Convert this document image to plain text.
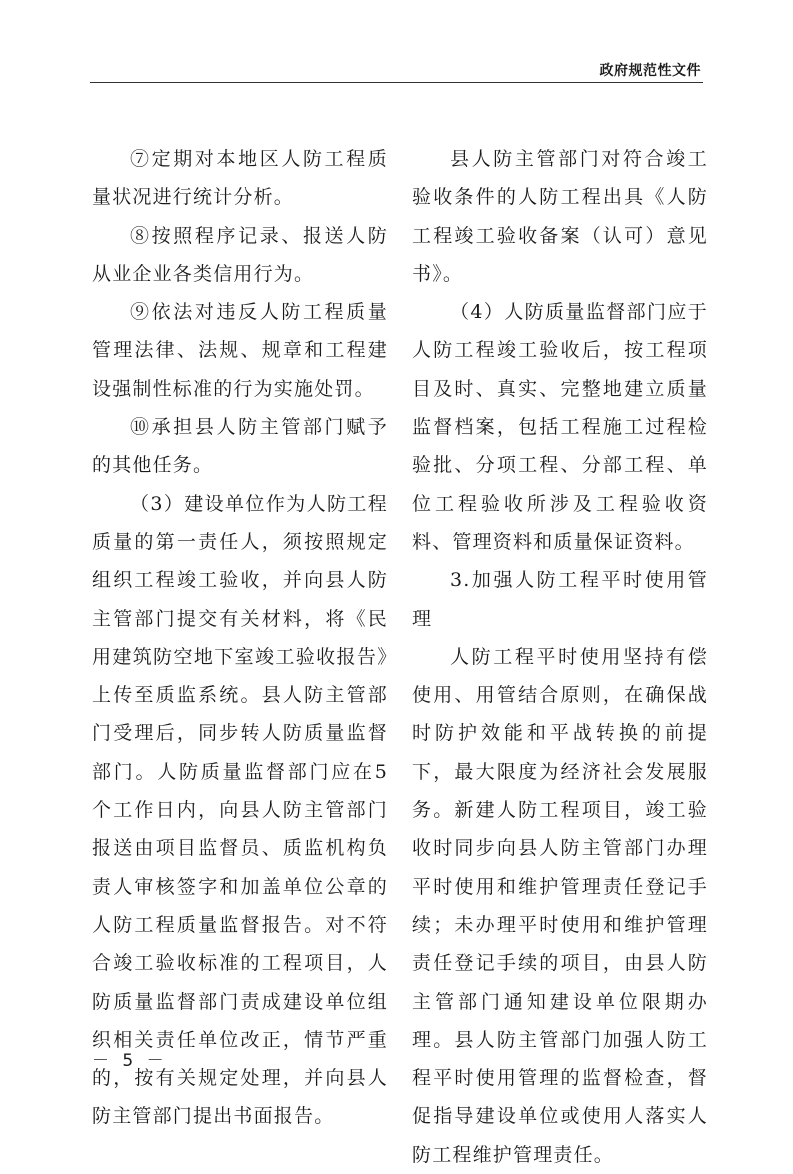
政府规范性文件

⑦定期对本地区人防工程质量状况进行统计分析。

⑧按照程序记录、报送人防从业企业各类信用行为。

⑨依法对违反人防工程质量管理法律、法规、规章和工程建设强制性标准的行为实施处罚。

⑩承担县人防主管部门赋予的其他任务。

（3）建设单位作为人防工程质量的第一责任人，须按照规定组织工程竣工验收，并向县人防主管部门提交有关材料，将《民用建筑防空地下室竣工验收报告》上传至质监系统。县人防主管部门受理后，同步转人防质量监督部门。人防质量监督部门应在5个工作日内，向县人防主管部门报送由项目监督员、质监机构负责人审核签字和加盖单位公章的人防工程质量监督报告。对不符合竣工验收标准的工程项目，人防质量监督部门责成建设单位组织相关责任单位改正，情节严重的，按有关规定处理，并向县人防主管部门提出书面报告。

县人防主管部门对符合竣工验收条件的人防工程出具《人防工程竣工验收备案（认可）意见书》。

（4）人防质量监督部门应于人防工程竣工验收后，按工程项目及时、真实、完整地建立质量监督档案，包括工程施工过程检验批、分项工程、分部工程、单位工程验收所涉及工程验收资料、管理资料和质量保证资料。

3.加强人防工程平时使用管理

人防工程平时使用坚持有偿使用、用管结合原则，在确保战时防护效能和平战转换的前提下，最大限度为经济社会发展服务。新建人防工程项目，竣工验收时同步向县人防主管部门办理平时使用和维护管理责任登记手续；未办理平时使用和维护管理责任登记手续的项目，由县人防主管部门通知建设单位限期办理。县人防主管部门加强人防工程平时使用管理的监督检查，督促指导建设单位或使用人落实人防工程维护管理责任。

－ 5 －
